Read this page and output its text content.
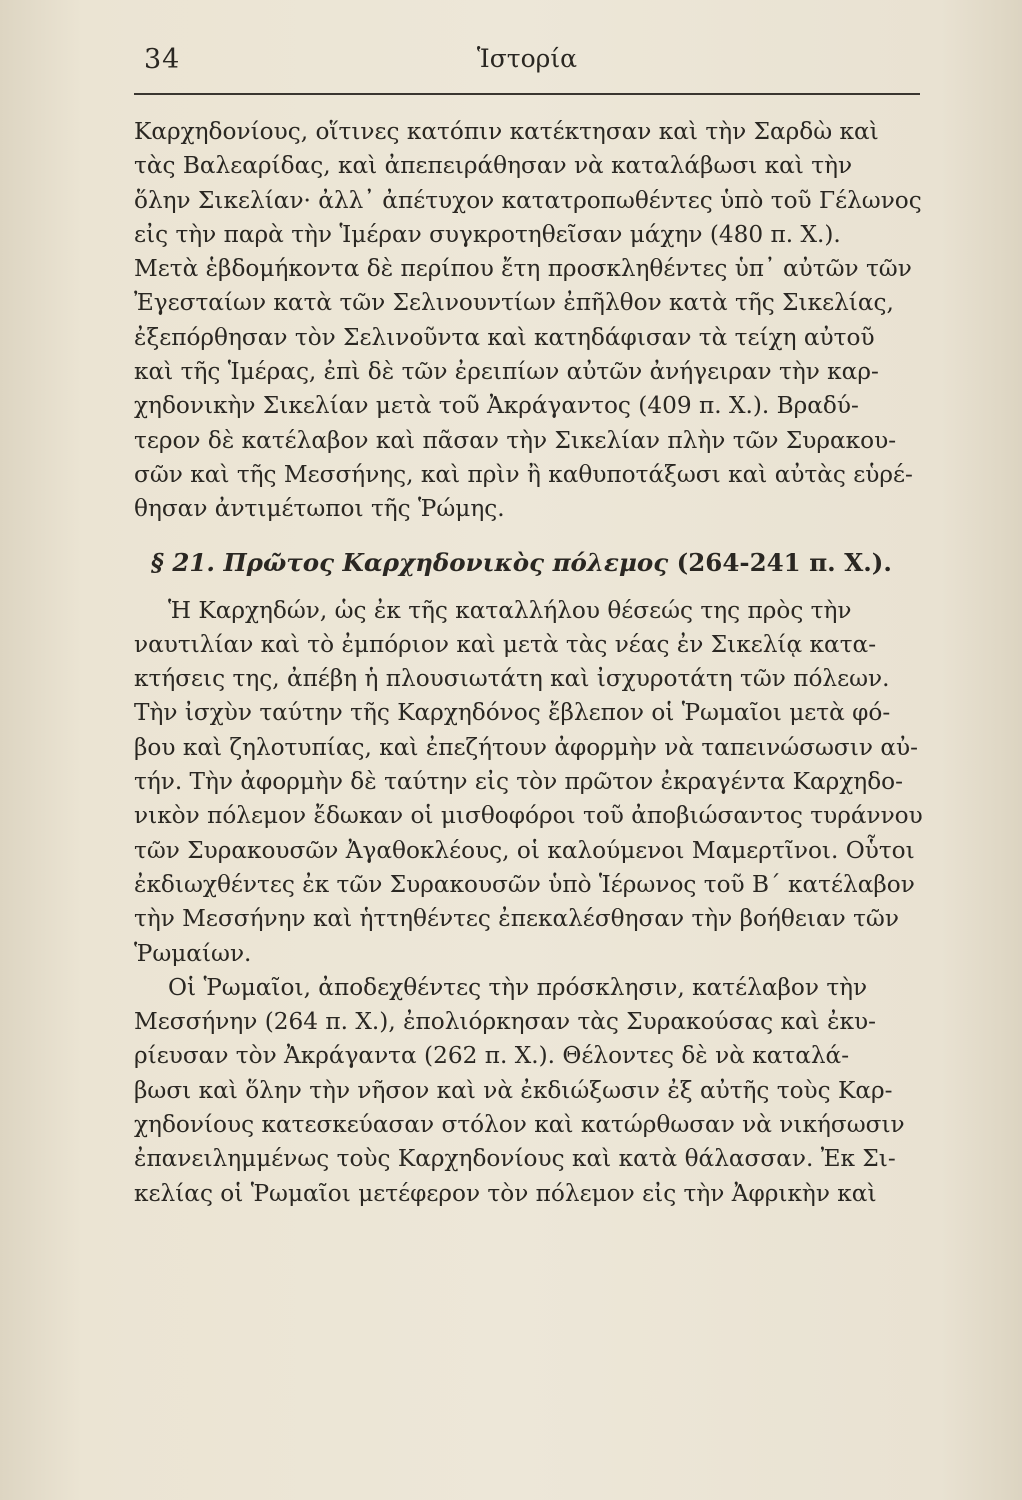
34	Ἱστορία

Καρχηδονίους, οἵτινες κατόπιν κατέκτησαν καὶ τὴν Σαρδὼ καὶ
τὰς Βαλεαρίδας, καὶ ἀπεπειράθησαν νὰ καταλάβωσι καὶ τὴν
ὅλην Σικελίαν· ἀλλ᾽ ἀπέτυχον κατατροπωθέντες ὑπὸ τοῦ Γέλωνος
εἰς τὴν παρὰ τὴν Ἱμέραν συγκροτηθεῖσαν μάχην (480 π. Χ.).
Μετὰ ἑβδομήκοντα δὲ περίπου ἔτη προσκληθέντες ὑπ᾽ αὐτῶν τῶν
Ἐγεσταίων κατὰ τῶν Σελινουντίων ἐπῆλθον κατὰ τῆς Σικελίας,
ἐξεπόρθησαν τὸν Σελινοῦντα καὶ κατηδάφισαν τὰ τείχη αὐτοῦ
καὶ τῆς Ἱμέρας, ἐπὶ δὲ τῶν ἐρειπίων αὐτῶν ἀνήγειραν τὴν καρ-
χηδονικὴν Σικελίαν μετὰ τοῦ Ἀκράγαντος (409 π. Χ.). Βραδύ-
τερον δὲ κατέλαβον καὶ πᾶσαν τὴν Σικελίαν πλὴν τῶν Συρακου-
σῶν καὶ τῆς Μεσσήνης, καὶ πρὶν ἢ καθυποτάξωσι καὶ αὐτὰς εὑρέ-
θησαν ἀντιμέτωποι τῆς Ῥώμης.

§ 21. Πρῶτος Καρχηδονικὸς πόλεμος (264-241 π. Χ.).

Ἡ Καρχηδών, ὡς ἐκ τῆς καταλλήλου θέσεώς της πρὸς τὴν
ναυτιλίαν καὶ τὸ ἐμπόριον καὶ μετὰ τὰς νέας ἐν Σικελίᾳ κατα-
κτήσεις της, ἀπέβη ἡ πλουσιωτάτη καὶ ἰσχυροτάτη τῶν πόλεων.
Τὴν ἰσχὺν ταύτην τῆς Καρχηδόνος ἔβλεπον οἱ Ῥωμαῖοι μετὰ φό-
βου καὶ ζηλοτυπίας, καὶ ἐπεζήτουν ἀφορμὴν νὰ ταπεινώσωσιν αὐ-
τήν. Τὴν ἀφορμὴν δὲ ταύτην εἰς τὸν πρῶτον ἐκραγέντα Καρχηδο-
νικὸν πόλεμον ἔδωκαν οἱ μισθοφόροι τοῦ ἀποβιώσαντος τυράννου
τῶν Συρακουσῶν Ἀγαθοκλέους, οἱ καλούμενοι Μαμερτῖνοι. Οὗτοι
ἐκδιωχθέντες ἐκ τῶν Συρακουσῶν ὑπὸ Ἱέρωνος τοῦ Β´ κατέλαβον
τὴν Μεσσήνην καὶ ἡττηθέντες ἐπεκαλέσθησαν τὴν βοήθειαν τῶν
Ῥωμαίων.

Οἱ Ῥωμαῖοι, ἀποδεχθέντες τὴν πρόσκλησιν, κατέλαβον τὴν
Μεσσήνην (264 π. Χ.), ἐπολιόρκησαν τὰς Συρακούσας καὶ ἐκυ-
ρίευσαν τὸν Ἀκράγαντα (262 π. Χ.). Θέλοντες δὲ νὰ καταλά-
βωσι καὶ ὅλην τὴν νῆσον καὶ νὰ ἐκδιώξωσιν ἐξ αὐτῆς τοὺς Καρ-
χηδονίους κατεσκεύασαν στόλον καὶ κατώρθωσαν νὰ νικήσωσιν
ἐπανειλημμένως τοὺς Καρχηδονίους καὶ κατὰ θάλασσαν. Ἐκ Σι-
κελίας οἱ Ῥωμαῖοι μετέφερον τὸν πόλεμον εἰς τὴν Ἀφρικὴν καὶ
